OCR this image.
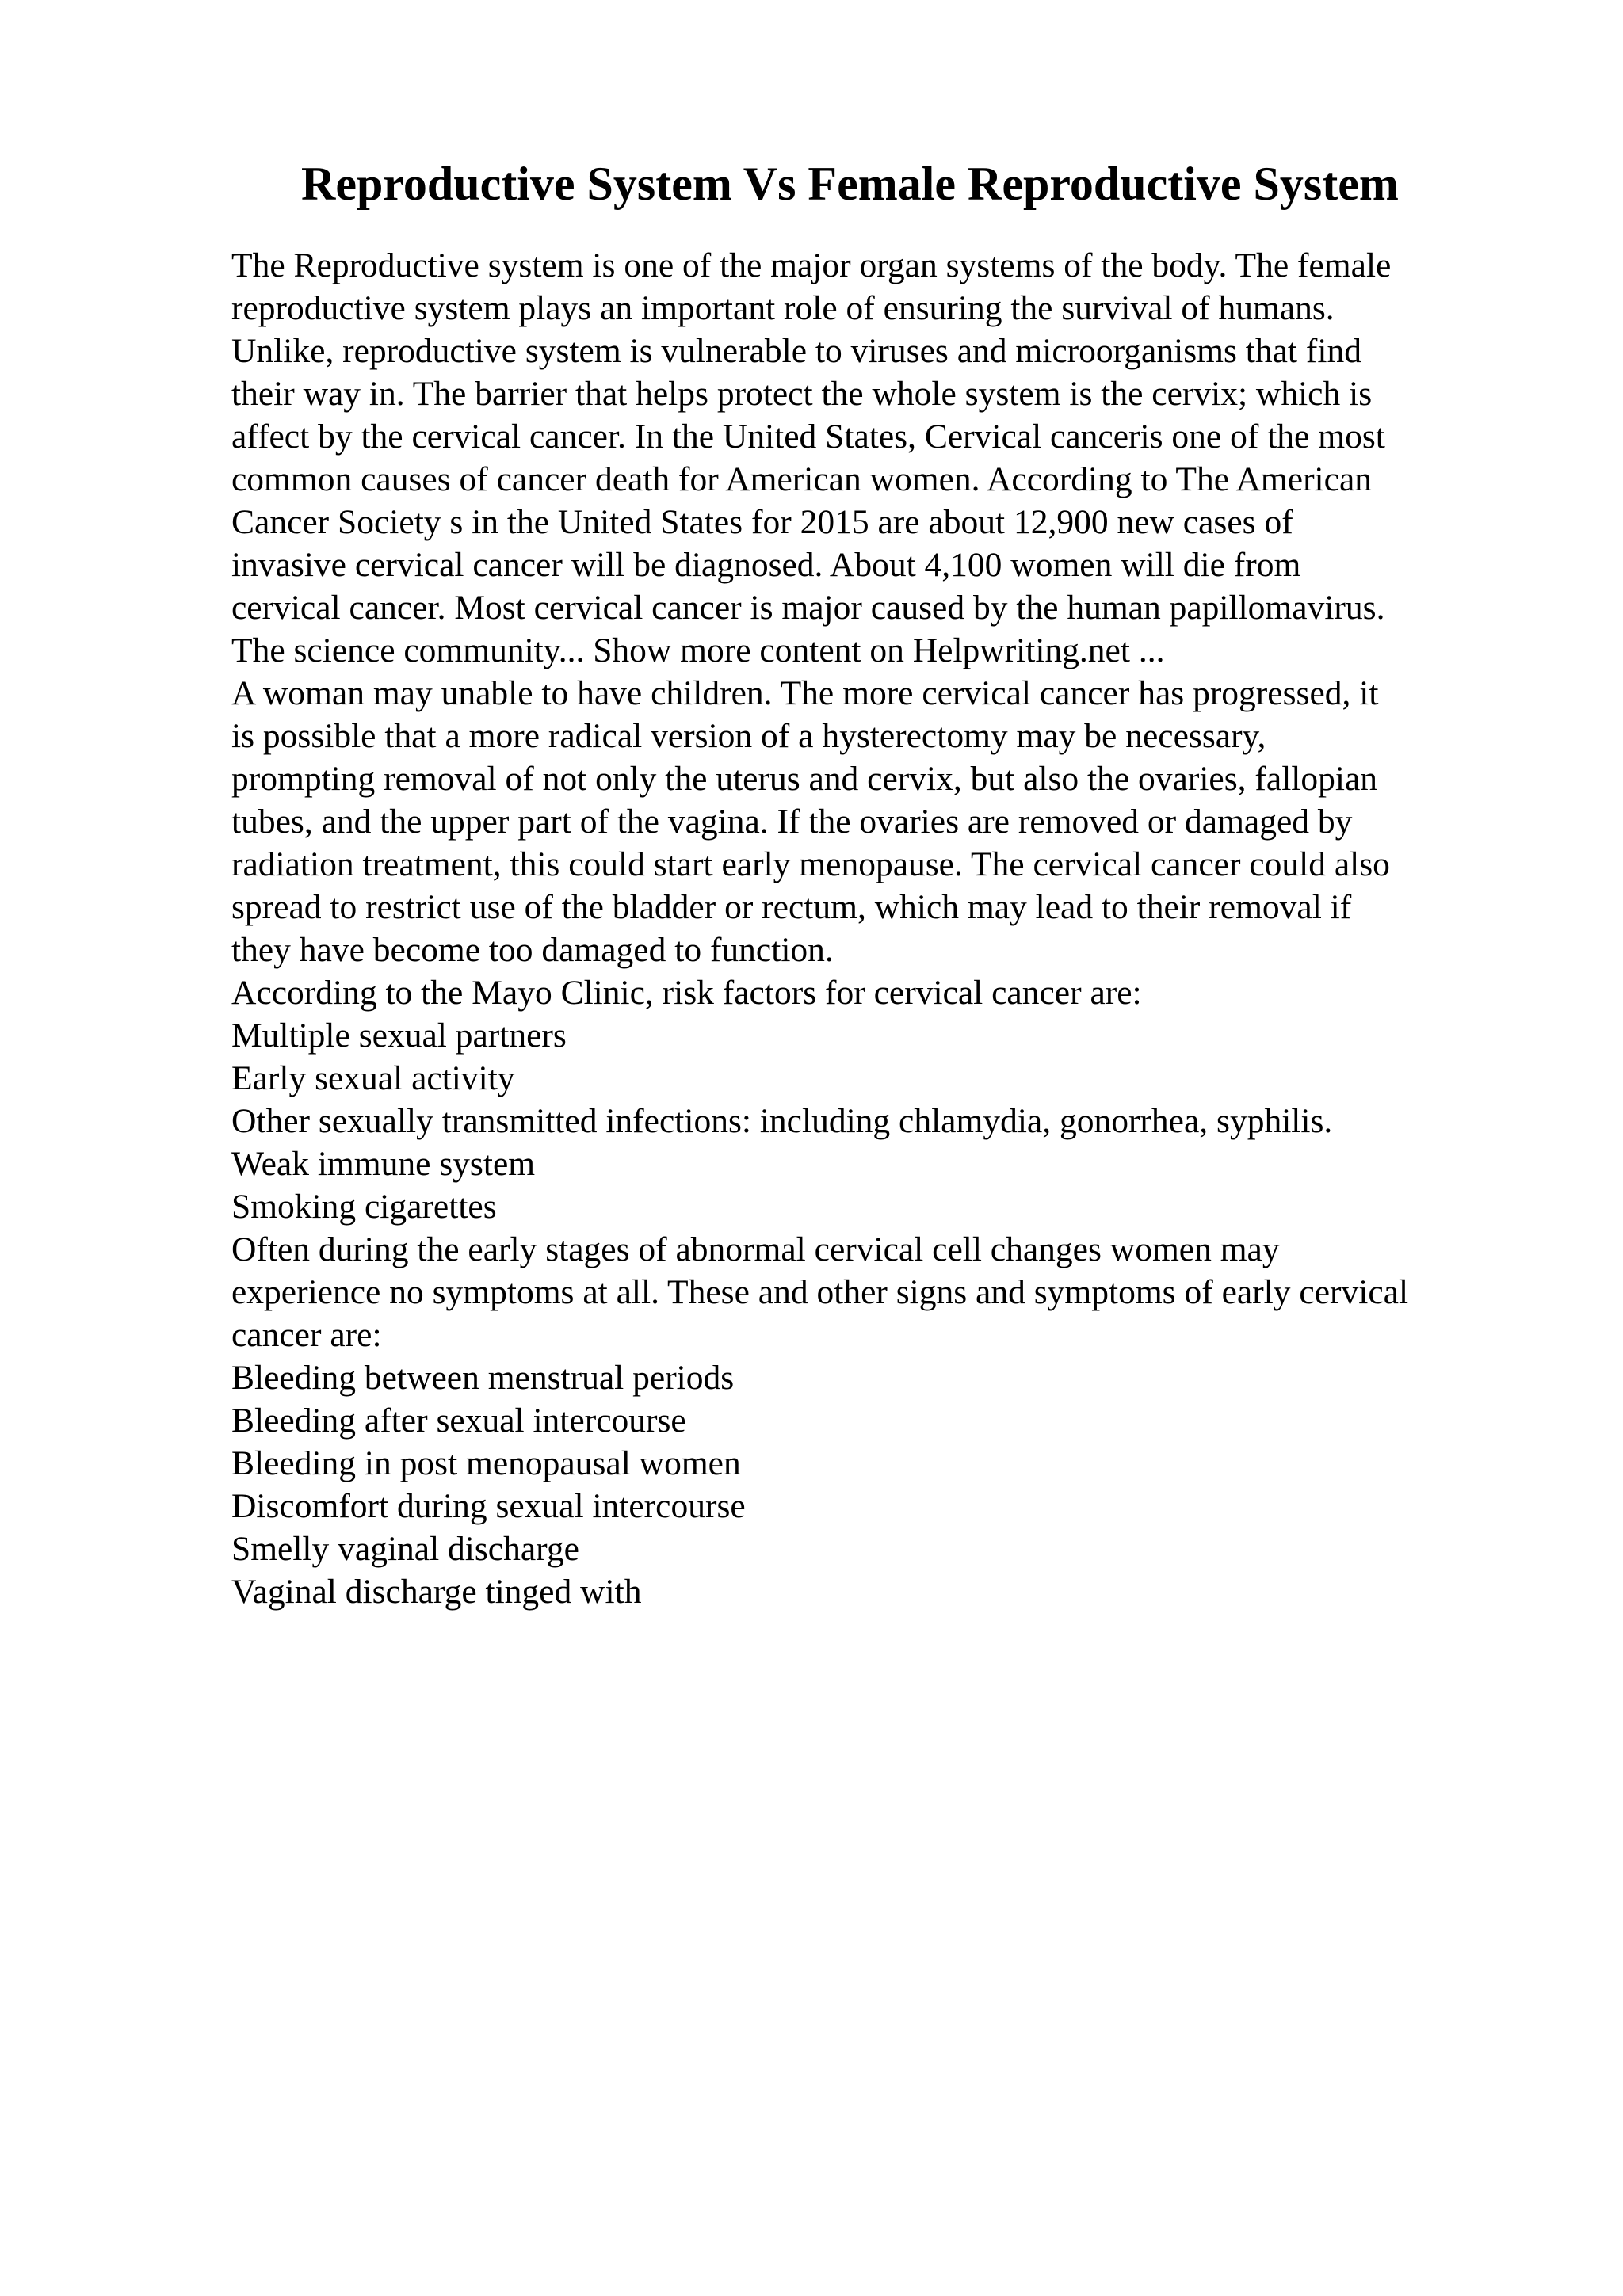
Reproductive System Vs Female Reproductive System
The Reproductive system is one of the major organ systems of the body. The female
reproductive system plays an important role of ensuring the survival of humans.
Unlike, reproductive system is vulnerable to viruses and microorganisms that find
their way in. The barrier that helps protect the whole system is the cervix; which is
affect by the cervical cancer. In the United States, Cervical canceris one of the most
common causes of cancer death for American women. According to The American
Cancer Society s in the United States for 2015 are about 12,900 new cases of
invasive cervical cancer will be diagnosed. About 4,100 women will die from
cervical cancer. Most cervical cancer is major caused by the human papillomavirus.
The science community... Show more content on Helpwriting.net ...
A woman may unable to have children. The more cervical cancer has progressed, it
is possible that a more radical version of a hysterectomy may be necessary,
prompting removal of not only the uterus and cervix, but also the ovaries, fallopian
tubes, and the upper part of the vagina. If the ovaries are removed or damaged by
radiation treatment, this could start early menopause. The cervical cancer could also
spread to restrict use of the bladder or rectum, which may lead to their removal if
they have become too damaged to function.
According to the Mayo Clinic, risk factors for cervical cancer are:
Multiple sexual partners
Early sexual activity
Other sexually transmitted infections: including chlamydia, gonorrhea, syphilis.
Weak immune system
Smoking cigarettes
Often during the early stages of abnormal cervical cell changes women may
experience no symptoms at all. These and other signs and symptoms of early cervical
cancer are:
Bleeding between menstrual periods
Bleeding after sexual intercourse
Bleeding in post menopausal women
Discomfort during sexual intercourse
Smelly vaginal discharge
Vaginal discharge tinged with
